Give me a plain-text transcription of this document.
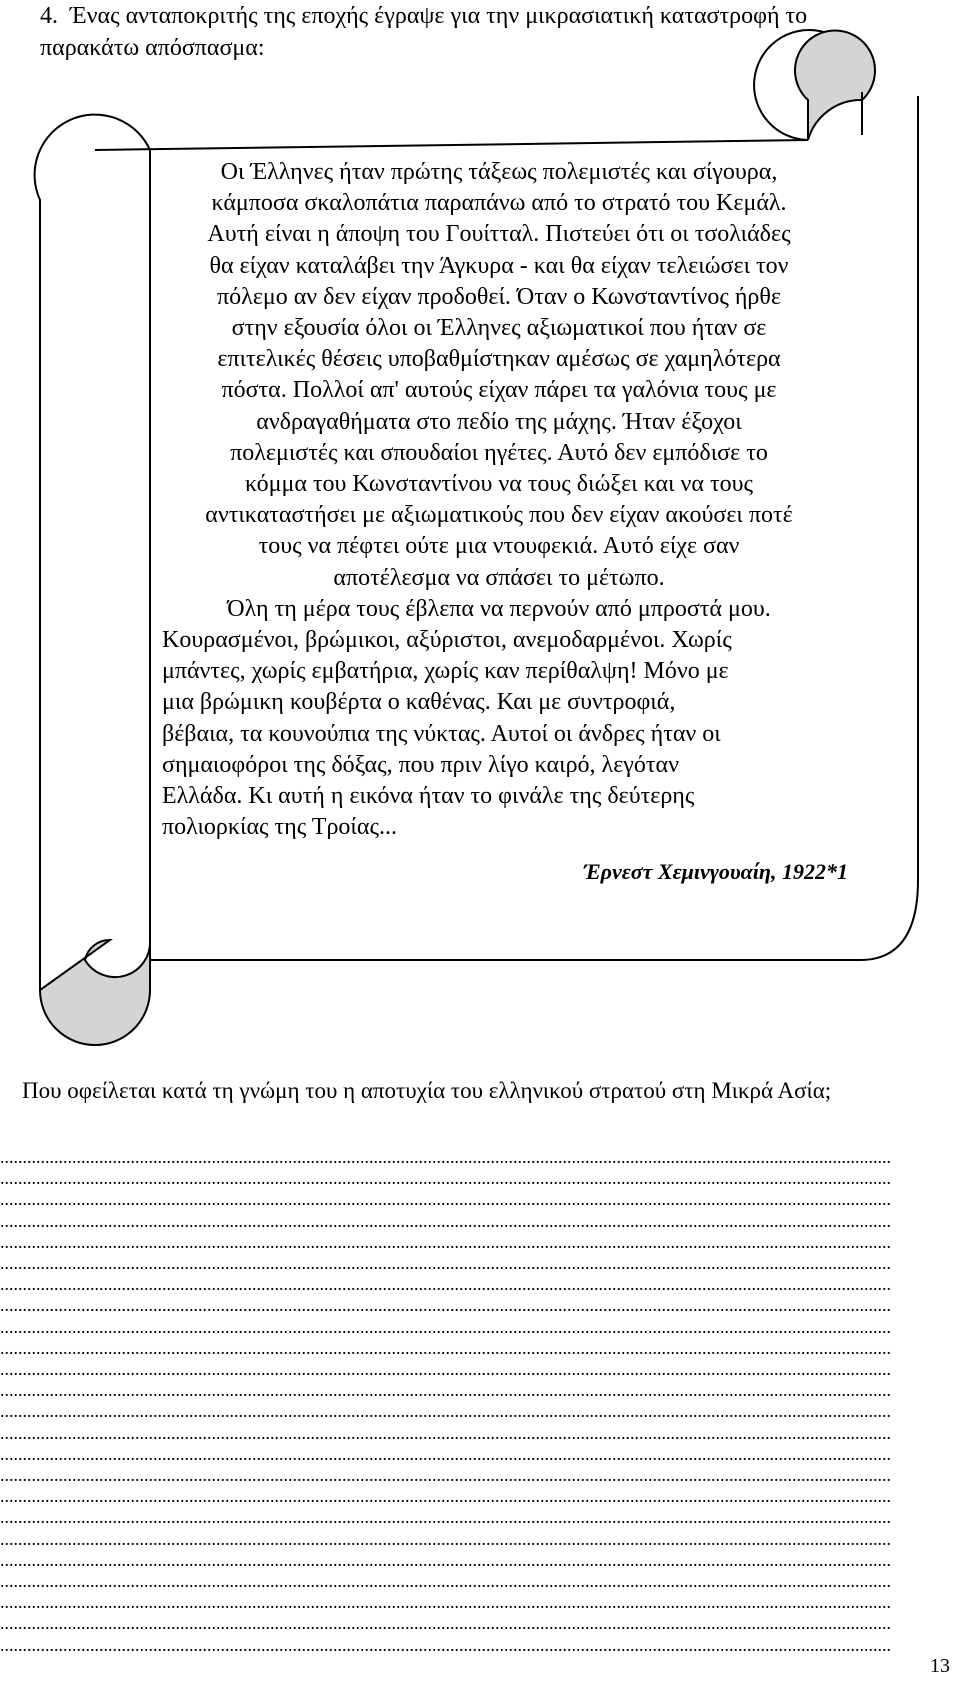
4. Ένας ανταποκριτής της εποχής έγραψε για την μικρασιατική καταστροφή το
παρακάτω απόσπασμα:
Οι Έλληνες ήταν πρώτης τάξεως πολεμιστές και σίγουρα,
κάμποσα σκαλοπάτια παραπάνω από το στρατό του Κεμάλ.
Αυτή είναι η άποψη του Γουίτταλ. Πιστεύει ότι οι τσολιάδες
θα είχαν καταλάβει την Άγκυρα - και θα είχαν τελειώσει τον
πόλεμο αν δεν είχαν προδοθεί. Όταν ο Κωνσταντίνος ήρθε
στην εξουσία όλοι οι Έλληνες αξιωματικοί που ήταν σε
επιτελικές θέσεις υποβαθμίστηκαν αμέσως σε χαμηλότερα
πόστα. Πολλοί απ' αυτούς είχαν πάρει τα γαλόνια τους με
ανδραγαθήματα στο πεδίο της μάχης. Ήταν έξοχοι
πολεμιστές και σπουδαίοι ηγέτες. Αυτό δεν εμπόδισε το
κόμμα του Κωνσταντίνου να τους διώξει και να τους
αντικαταστήσει με αξιωματικούς που δεν είχαν ακούσει ποτέ
τους να πέφτει ούτε μια ντουφεκιά. Αυτό είχε σαν
αποτέλεσμα να σπάσει το μέτωπο.
Όλη τη μέρα τους έβλεπα να περνούν από μπροστά μου.
Κουρασμένοι, βρώμικοι, αξύριστοι, ανεμοδαρμένοι. Χωρίς
μπάντες, χωρίς εμβατήρια, χωρίς καν περίθαλψη! Μόνο με
μια βρώμικη κουβέρτα ο καθένας. Και με συντροφιά,
βέβαια, τα κουνούπια της νύκτας. Αυτοί οι άνδρες ήταν οι
σημαιοφόροι της δόξας, που πριν λίγο καιρό, λεγόταν
Ελλάδα. Κι αυτή η εικόνα ήταν το φινάλε της δεύτερης
πολιορκίας της Τροίας...
Έρνεστ Χεμινγουαίη, 1922*1
Που οφείλεται κατά τη γνώμη του η αποτυχία του ελληνικού στρατού στη Μικρά Ασία;
......................................................................................................................................................................................................
......................................................................................................................................................................................................
......................................................................................................................................................................................................
......................................................................................................................................................................................................
......................................................................................................................................................................................................
......................................................................................................................................................................................................
......................................................................................................................................................................................................
......................................................................................................................................................................................................
......................................................................................................................................................................................................
......................................................................................................................................................................................................
......................................................................................................................................................................................................
......................................................................................................................................................................................................
......................................................................................................................................................................................................
......................................................................................................................................................................................................
......................................................................................................................................................................................................
......................................................................................................................................................................................................
......................................................................................................................................................................................................
......................................................................................................................................................................................................
......................................................................................................................................................................................................
......................................................................................................................................................................................................
......................................................................................................................................................................................................
......................................................................................................................................................................................................
......................................................................................................................................................................................................
......................................................................................................................................................................................................
13
